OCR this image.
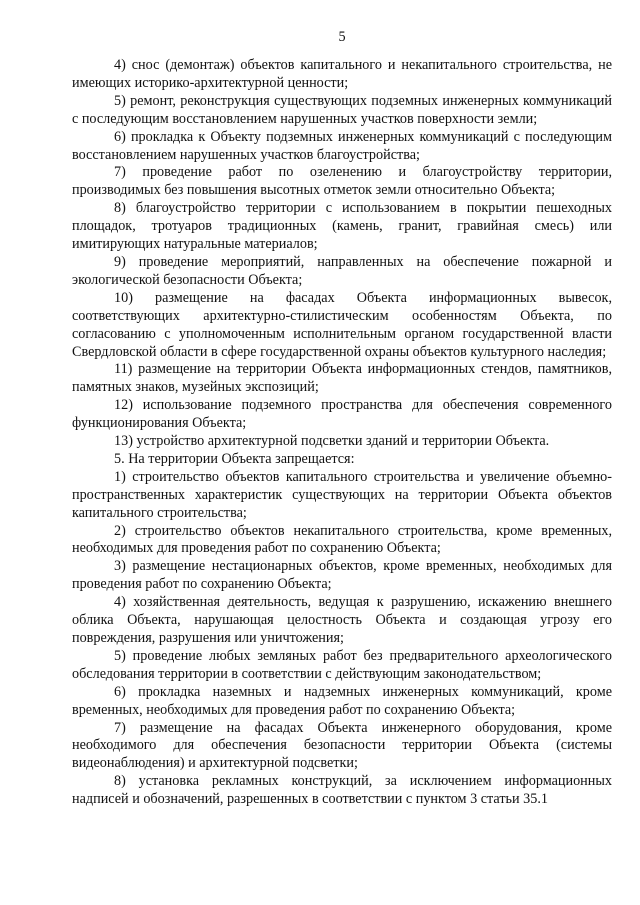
5

4) снос (демонтаж) объектов капитального и некапитального строительства, не имеющих историко-архитектурной ценности;

5) ремонт, реконструкция существующих подземных инженерных коммуникаций с последующим восстановлением нарушенных участков поверхности земли;

6) прокладка к Объекту подземных инженерных коммуникаций с последующим восстановлением нарушенных участков благоустройства;

7) проведение работ по озеленению и благоустройству территории, производимых без повышения высотных отметок земли относительно Объекта;

8) благоустройство территории с использованием в покрытии пешеходных площадок, тротуаров традиционных (камень, гранит, гравийная смесь) или имитирующих натуральные материалов;

9) проведение мероприятий, направленных на обеспечение пожарной и экологической безопасности Объекта;

10) размещение на фасадах Объекта информационных вывесок, соответствующих архитектурно-стилистическим особенностям Объекта, по согласованию с уполномоченным исполнительным органом государственной власти Свердловской области в сфере государственной охраны объектов культурного наследия;

11) размещение на территории Объекта информационных стендов, памятников, памятных знаков, музейных экспозиций;

12) использование подземного пространства для обеспечения современного функционирования Объекта;

13) устройство архитектурной подсветки зданий и территории Объекта.

5. На территории Объекта запрещается:

1) строительство объектов капитального строительства и увеличение объемно-пространственных характеристик существующих на территории Объекта объектов капитального строительства;

2) строительство объектов некапитального строительства, кроме временных, необходимых для проведения работ по сохранению Объекта;

3) размещение нестационарных объектов, кроме временных, необходимых для проведения работ по сохранению Объекта;

4) хозяйственная деятельность, ведущая к разрушению, искажению внешнего облика Объекта, нарушающая целостность Объекта и создающая угрозу его повреждения, разрушения или уничтожения;

5) проведение любых земляных работ без предварительного археологического обследования территории в соответствии с действующим законодательством;

6) прокладка наземных и надземных инженерных коммуникаций, кроме временных, необходимых для проведения работ по сохранению Объекта;

7) размещение на фасадах Объекта инженерного оборудования, кроме необходимого для обеспечения безопасности территории Объекта (системы видеонаблюдения) и архитектурной подсветки;

8) установка рекламных конструкций, за исключением информационных надписей и обозначений, разрешенных в соответствии с пунктом 3 статьи 35.1
